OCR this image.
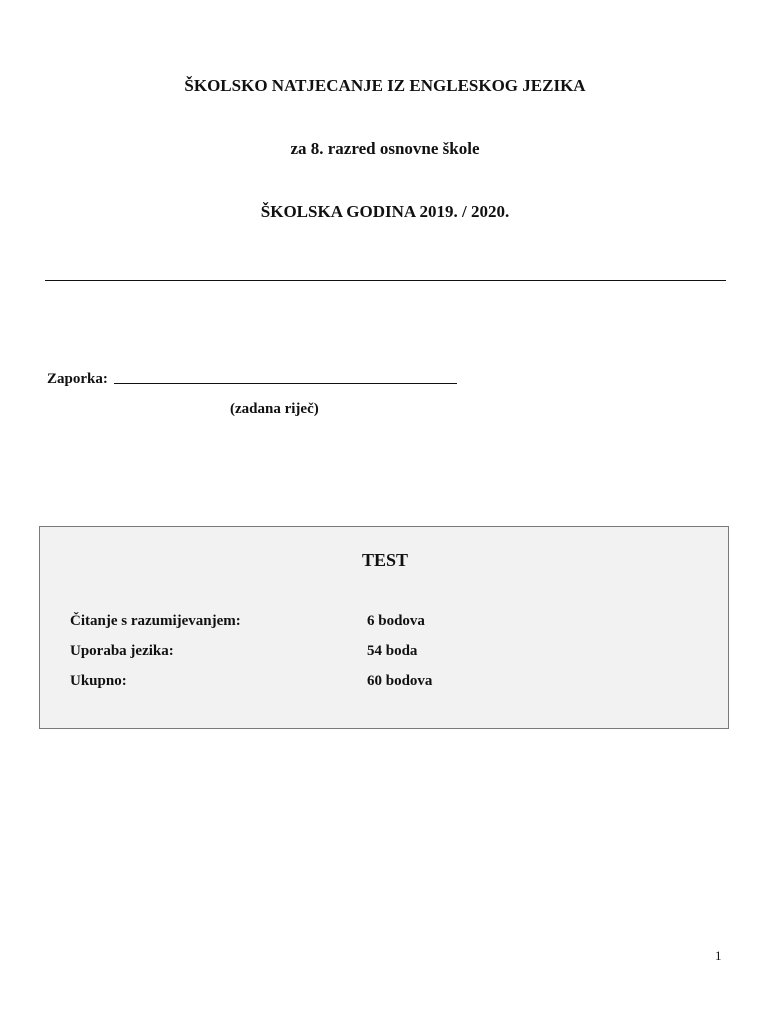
ŠKOLSKO NATJECANJE IZ ENGLESKOG JEZIKA
za 8. razred osnovne škole
ŠKOLSKA GODINA 2019. / 2020.
Zaporka:
(zadana riječ)
TEST
Čitanje s razumijevanjem:	6 bodova
Uporaba jezika:	54 boda
Ukupno:	60 bodova
1
